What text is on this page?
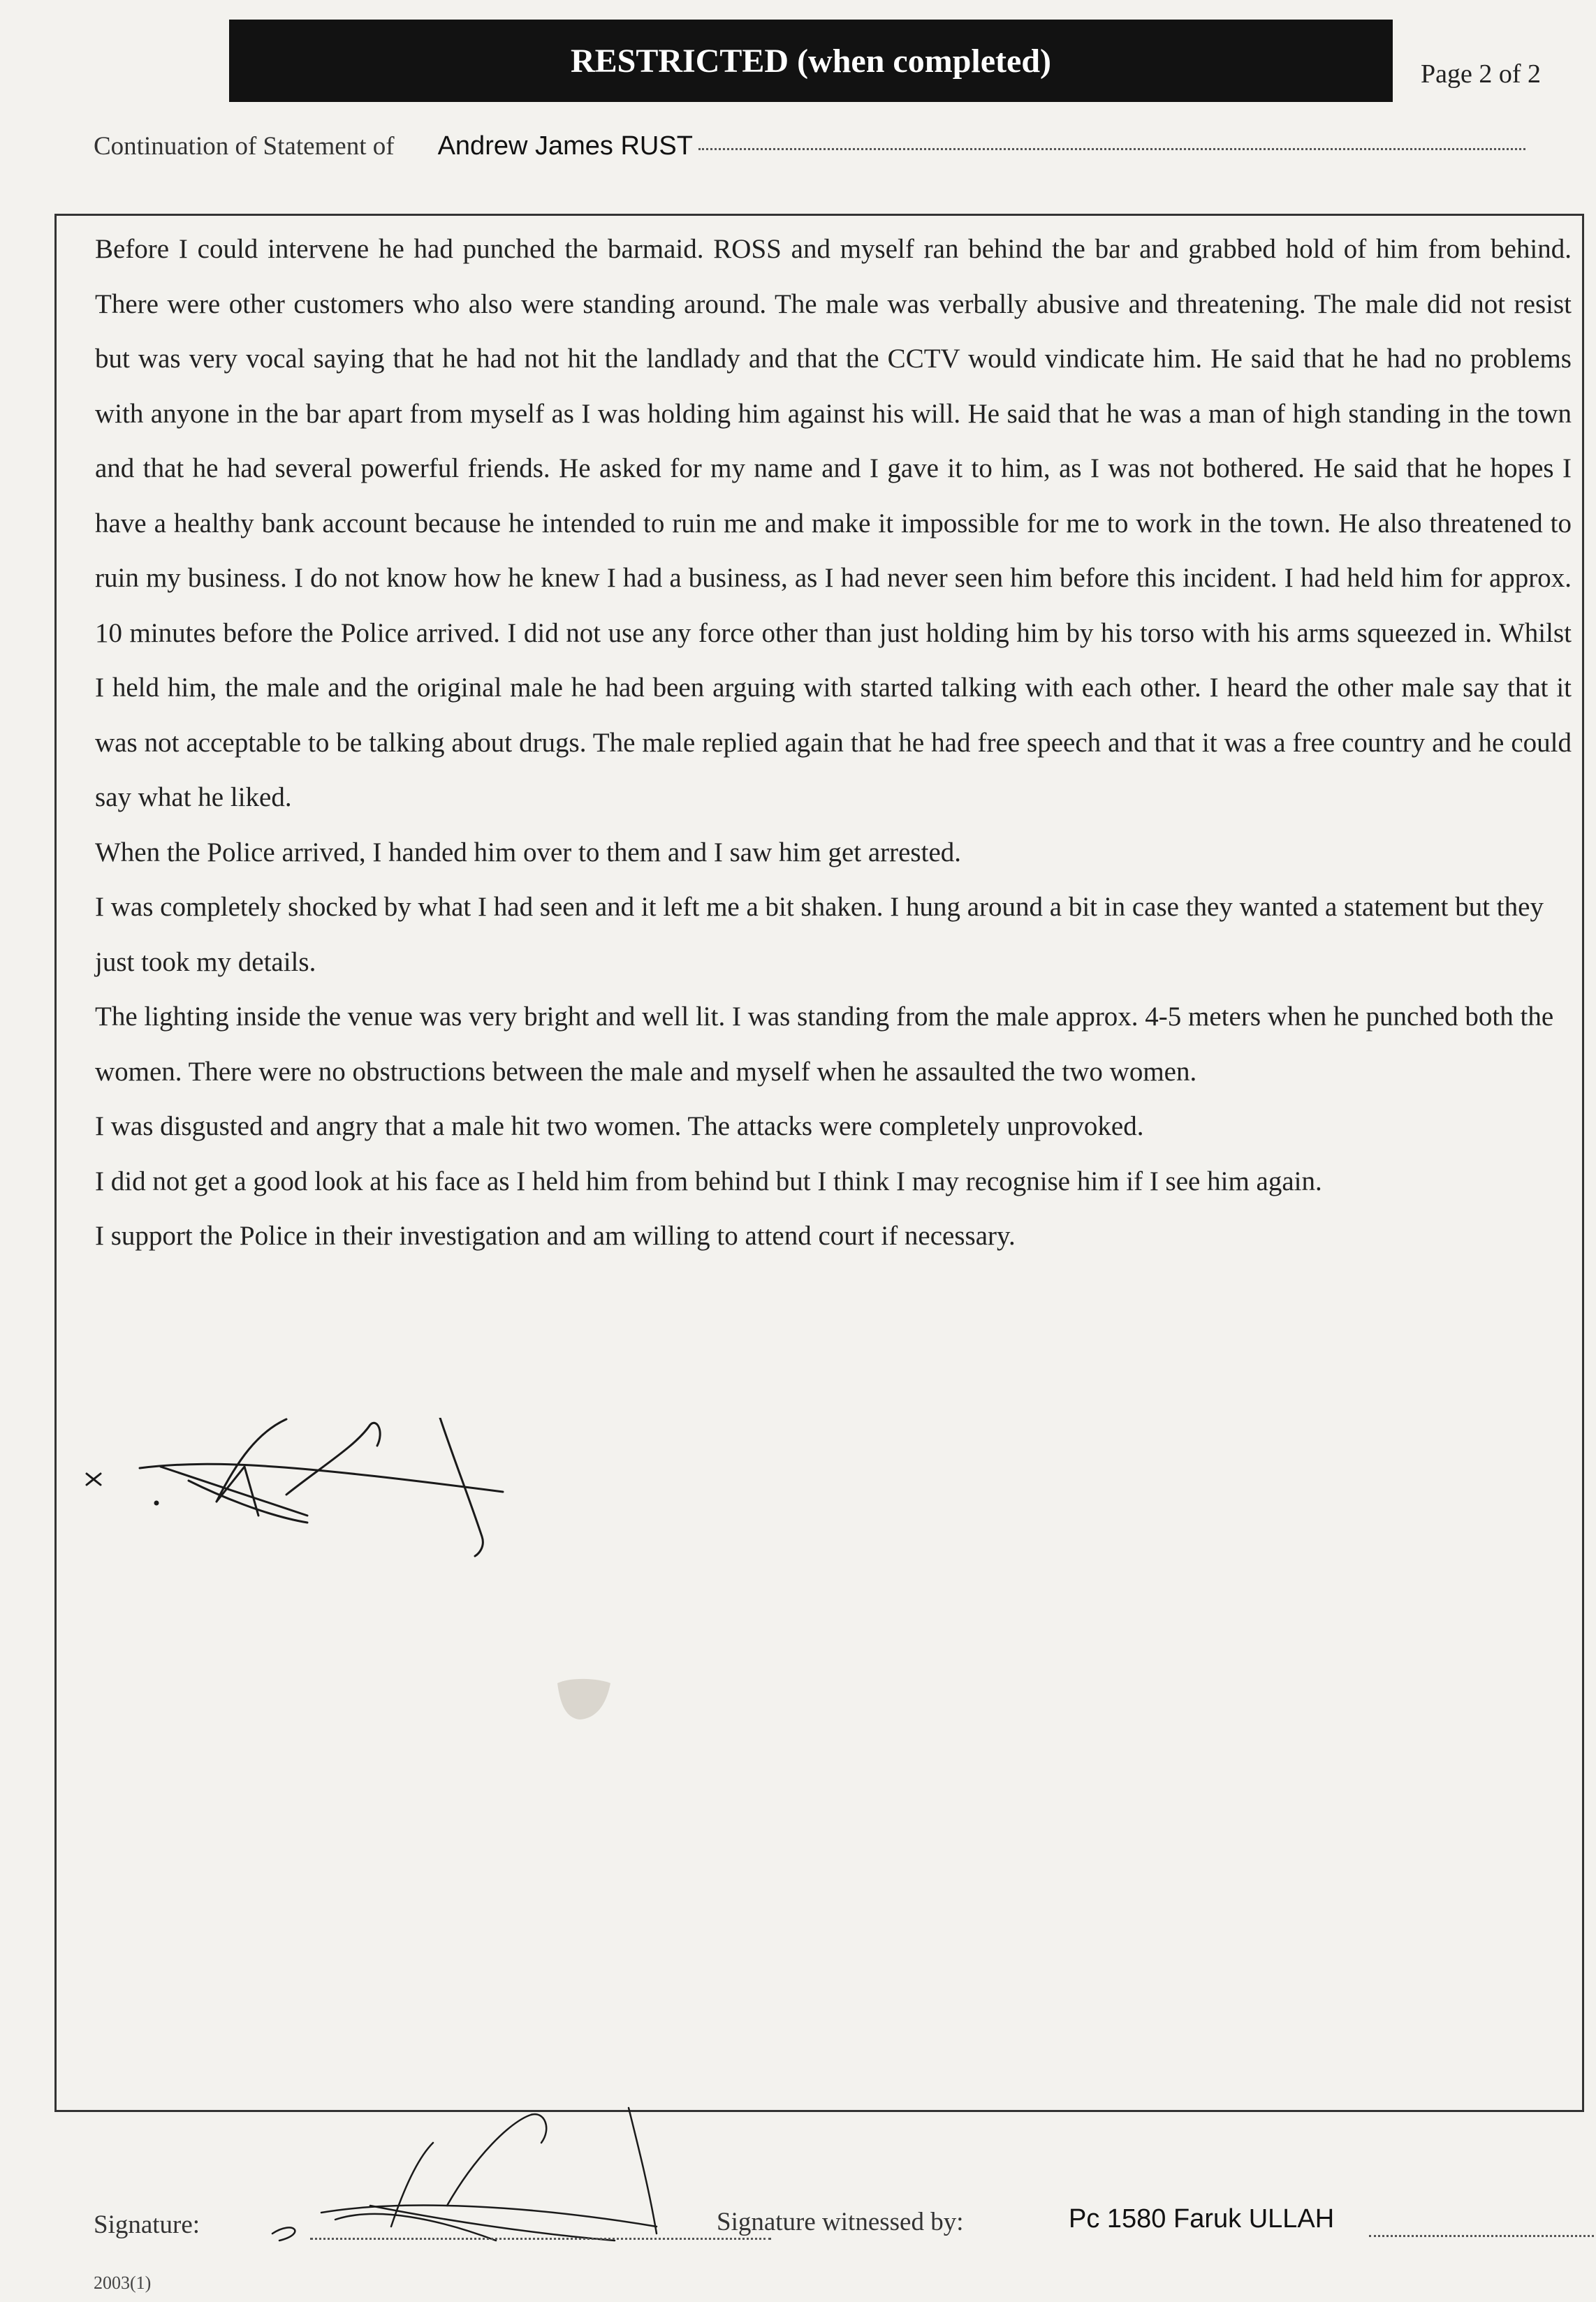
RESTRICTED (when completed)	Page 2 of 2
Continuation of Statement of Andrew James RUST

Before I could intervene he had punched the barmaid. ROSS and myself ran behind the bar and grabbed hold of him from behind. There were other customers who also were standing around. The male was verbally abusive and threatening. The male did not resist but was very vocal saying that he had not hit the landlady and that the CCTV would vindicate him. He said that he had no problems with anyone in the bar apart from myself as I was holding him against his will. He said that he was a man of high standing in the town and that he had several powerful friends. He asked for my name and I gave it to him, as I was not bothered. He said that he hopes I have a healthy bank account because he intended to ruin me and make it impossible for me to work in the town. He also threatened to ruin my business. I do not know how he knew I had a business, as I had never seen him before this incident. I had held him for approx. 10 minutes before the Police arrived. I did not use any force other than just holding him by his torso with his arms squeezed in. Whilst I held him, the male and the original male he had been arguing with started talking with each other. I heard the other male say that it was not acceptable to be talking about drugs. The male replied again that he had free speech and that it was a free country and he could say what he liked.

When the Police arrived, I handed him over to them and I saw him get arrested.

I was completely shocked by what I had seen and it left me a bit shaken. I hung around a bit in case they wanted a statement but they just took my details.

The lighting inside the venue was very bright and well lit. I was standing from the male approx. 4-5 meters when he punched both the women. There were no obstructions between the male and myself when he assaulted the two women.

I was disgusted and angry that a male hit two women. The attacks were completely unprovoked.

I did not get a good look at his face as I held him from behind but I think I may recognise him if I see him again.

I support the Police in their investigation and am willing to attend court if necessary.

Signature:	Signature witnessed by:	Pc 1580 Faruk ULLAH
2003(1)
